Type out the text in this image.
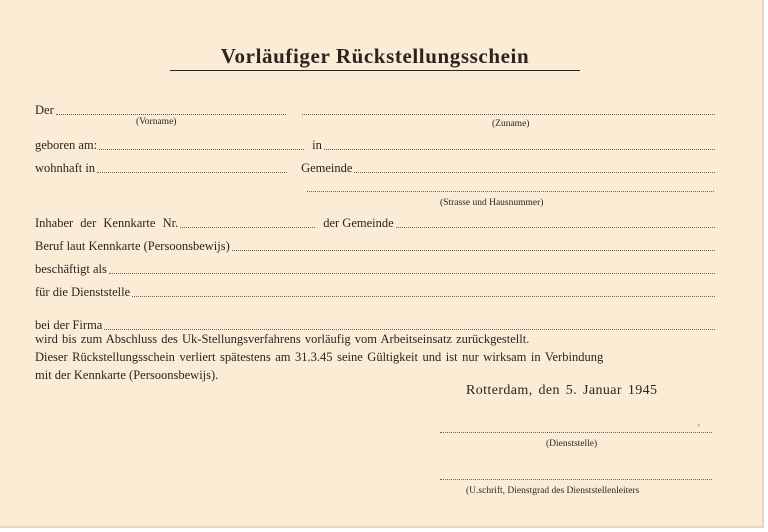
Vorläufiger Rückstellungsschein
Der
(Vorname)	(Zuname)
geboren am:	in
wohnhaft in	Gemeinde
(Strasse und Hausnummer)
Inhaber der Kennkarte Nr.	der Gemeinde
Beruf laut Kennkarte (Persoonsbewijs)
beschäftigt als
für die Dienststelle
bei der Firma
wird bis zum Abschluss des Uk-Stellungsverfahrens vorläufig vom Arbeitseinsatz zurückgestellt.
Dieser Rückstellungsschein verliert spätestens am 31.3.45 seine Gültigkeit und ist nur wirksam in Verbindung
mit der Kennkarte (Persoonsbewijs).
Rotterdam, den 5. Januar 1945
◦
(Dienststelle)
(U.schrift, Dienstgrad des Dienststellenleiters
